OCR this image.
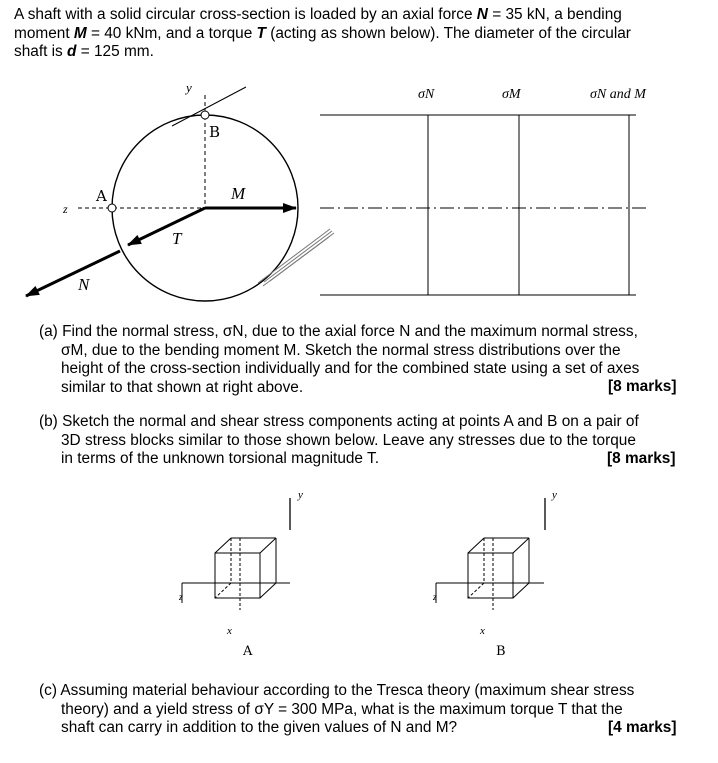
A shaft with a solid circular cross-section is loaded by an axial force N = 35 kN, a bending
moment M = 40 kNm, and a torque T (acting as shown below). The diameter of the circular
shaft is d = 125 mm.
y
z
A
B
M
T
N
σN	σM	σN and M
(a) Find the normal stress, σN, due to the axial force N and the maximum normal stress,
σM, due to the bending moment M. Sketch the normal stress distributions over the
height of the cross-section individually and for the combined state using a set of axes
similar to that shown at right above.	[8 marks]
(b) Sketch the normal and shear stress components acting at points A and B on a pair of
3D stress blocks similar to those shown below. Leave any stresses due to the torque
in terms of the unknown torsional magnitude T.	[8 marks]
y
z
x
A
y
z
x
B
(c) Assuming material behaviour according to the Tresca theory (maximum shear stress
theory) and a yield stress of σY = 300 MPa, what is the maximum torque T that the
shaft can carry in addition to the given values of N and M?	[4 marks]
